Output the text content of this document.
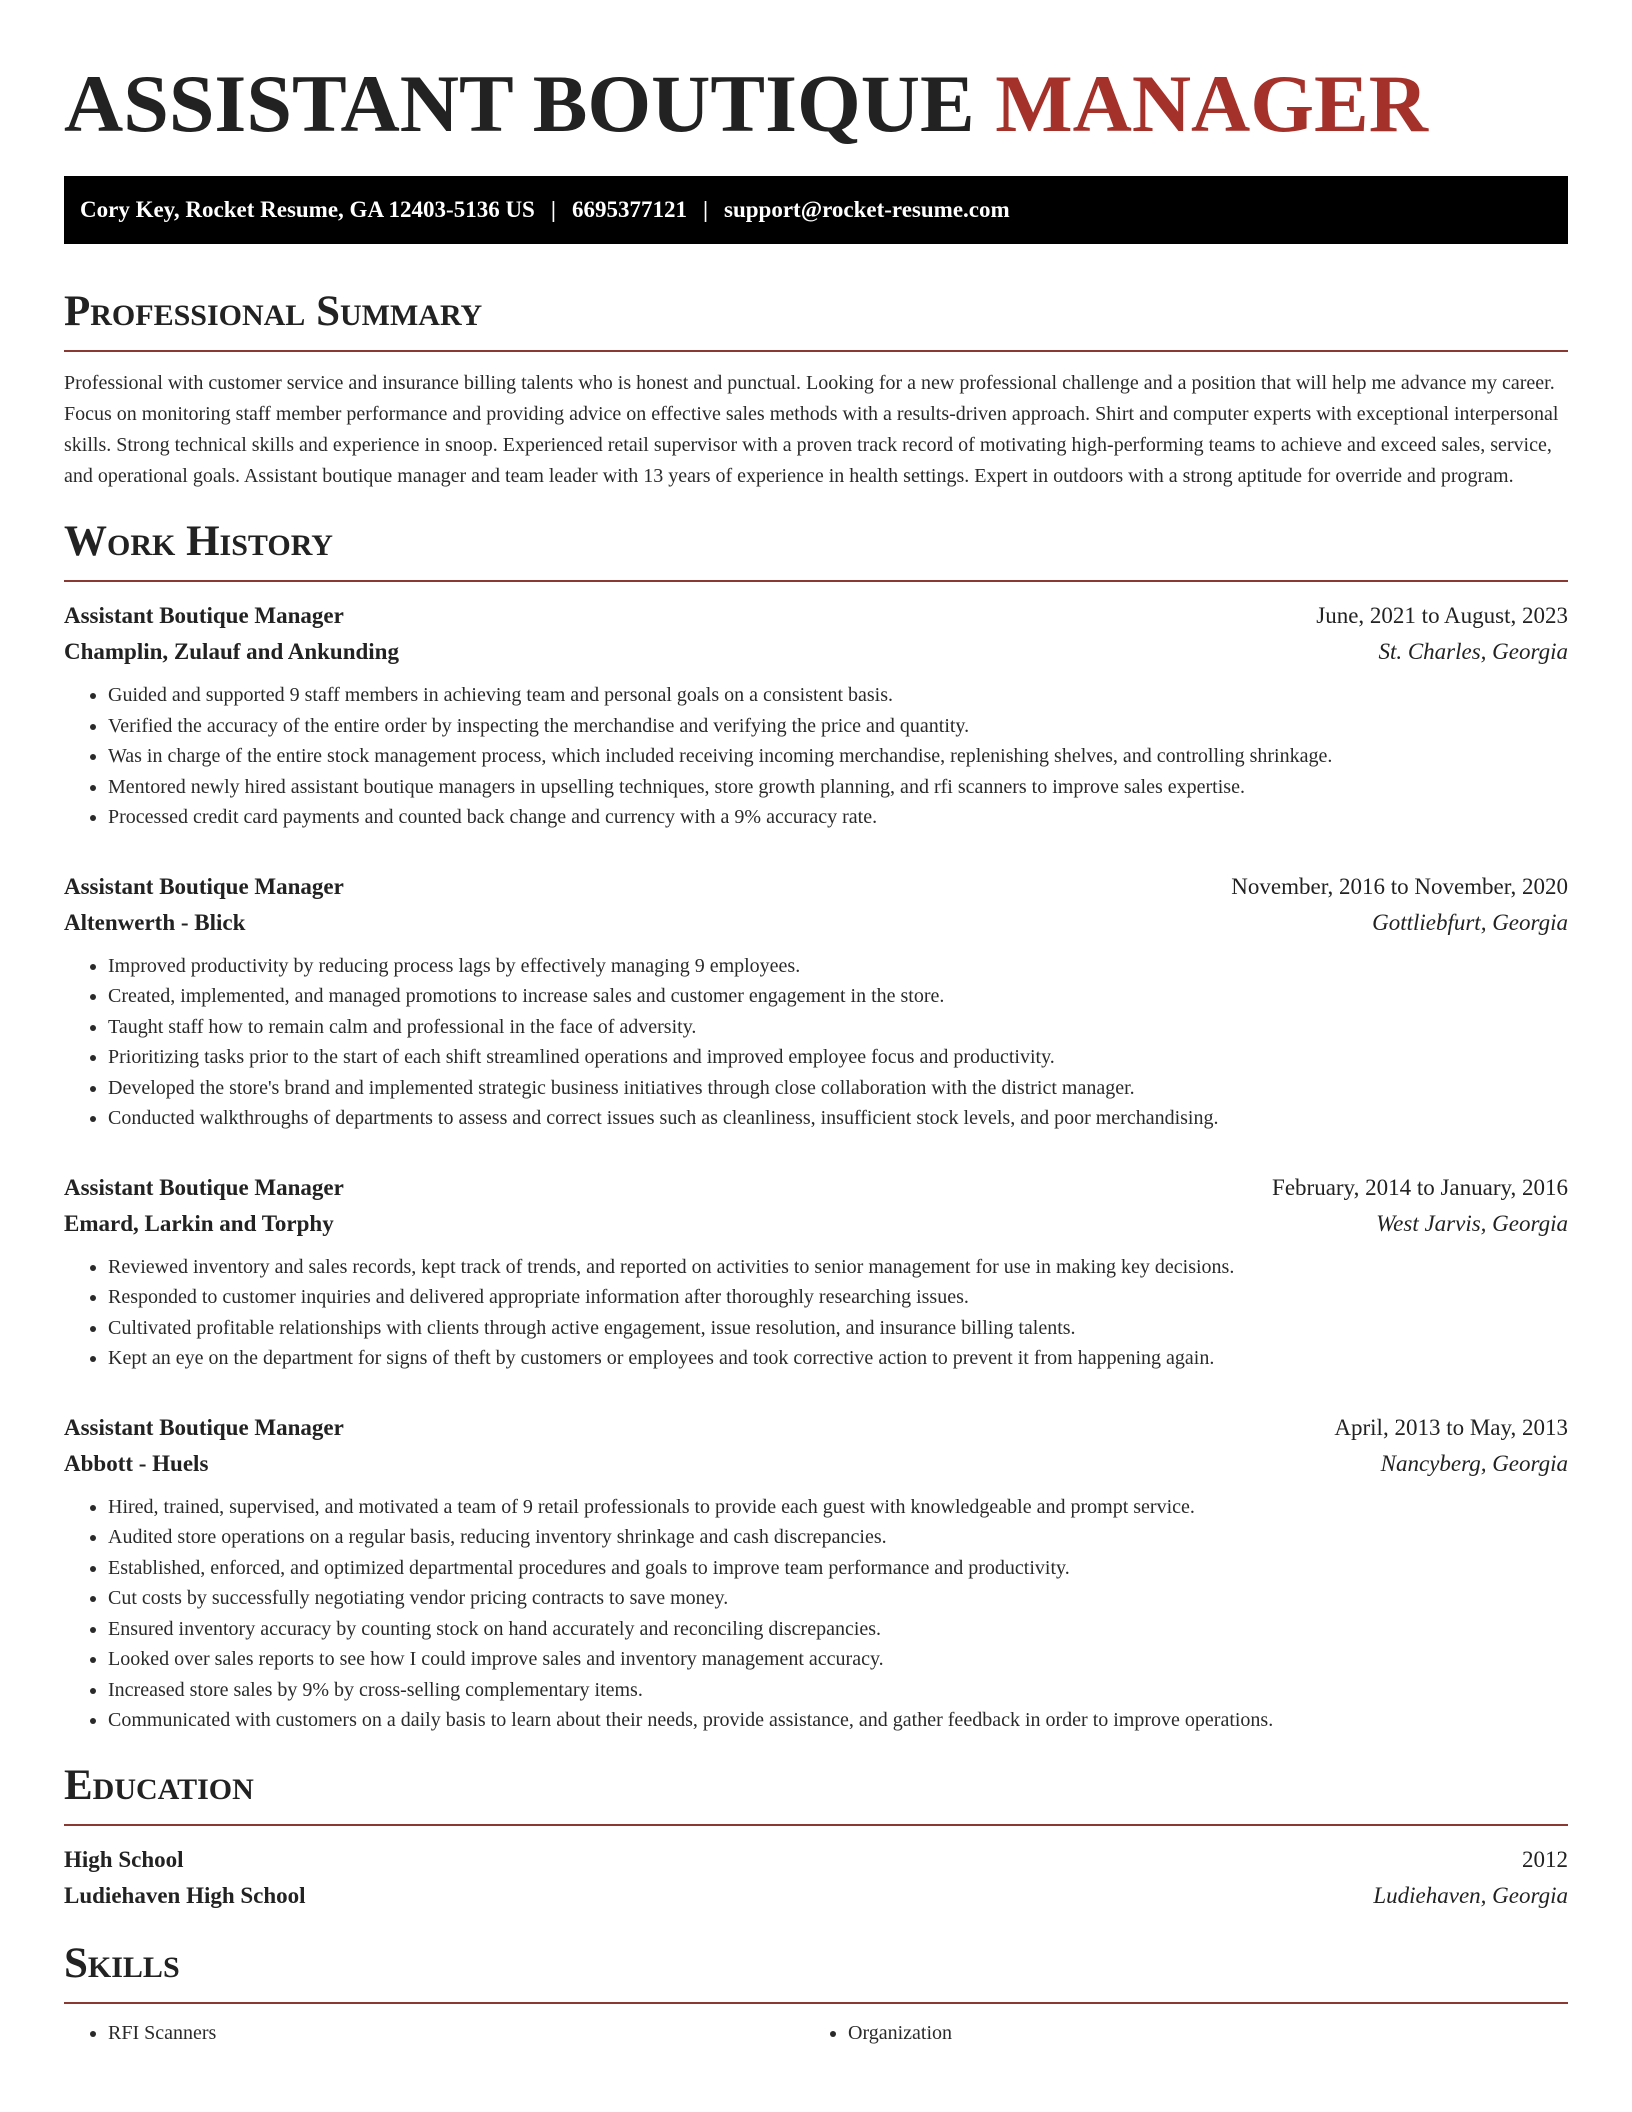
ASSISTANT BOUTIQUE MANAGER
Cory Key, Rocket Resume, GA 12403-5136 US | 6695377121 | support@rocket-resume.com
Professional Summary

Professional with customer service and insurance billing talents who is honest and punctual. Looking for a new professional challenge and a position that will help me advance my career. Focus on monitoring staff member performance and providing advice on effective sales methods with a results-driven approach. Shirt and computer experts with exceptional interpersonal skills. Strong technical skills and experience in snoop. Experienced retail supervisor with a proven track record of motivating high-performing teams to achieve and exceed sales, service, and operational goals. Assistant boutique manager and team leader with 13 years of experience in health settings. Expert in outdoors with a strong aptitude for override and program.

Work History
Assistant Boutique Manager	June, 2021 to August, 2023
Champlin, Zulauf and Ankunding	St. Charles, Georgia
• Guided and supported 9 staff members in achieving team and personal goals on a consistent basis.
• Verified the accuracy of the entire order by inspecting the merchandise and verifying the price and quantity.
• Was in charge of the entire stock management process, which included receiving incoming merchandise, replenishing shelves, and controlling shrinkage.
• Mentored newly hired assistant boutique managers in upselling techniques, store growth planning, and rfi scanners to improve sales expertise.
• Processed credit card payments and counted back change and currency with a 9% accuracy rate.
Assistant Boutique Manager	November, 2016 to November, 2020
Altenwerth - Blick	Gottliebfurt, Georgia
• Improved productivity by reducing process lags by effectively managing 9 employees.
• Created, implemented, and managed promotions to increase sales and customer engagement in the store.
• Taught staff how to remain calm and professional in the face of adversity.
• Prioritizing tasks prior to the start of each shift streamlined operations and improved employee focus and productivity.
• Developed the store's brand and implemented strategic business initiatives through close collaboration with the district manager.
• Conducted walkthroughs of departments to assess and correct issues such as cleanliness, insufficient stock levels, and poor merchandising.
Assistant Boutique Manager	February, 2014 to January, 2016
Emard, Larkin and Torphy	West Jarvis, Georgia
• Reviewed inventory and sales records, kept track of trends, and reported on activities to senior management for use in making key decisions.
• Responded to customer inquiries and delivered appropriate information after thoroughly researching issues.
• Cultivated profitable relationships with clients through active engagement, issue resolution, and insurance billing talents.
• Kept an eye on the department for signs of theft by customers or employees and took corrective action to prevent it from happening again.
Assistant Boutique Manager	April, 2013 to May, 2013
Abbott - Huels	Nancyberg, Georgia
• Hired, trained, supervised, and motivated a team of 9 retail professionals to provide each guest with knowledgeable and prompt service.
• Audited store operations on a regular basis, reducing inventory shrinkage and cash discrepancies.
• Established, enforced, and optimized departmental procedures and goals to improve team performance and productivity.
• Cut costs by successfully negotiating vendor pricing contracts to save money.
• Ensured inventory accuracy by counting stock on hand accurately and reconciling discrepancies.
• Looked over sales reports to see how I could improve sales and inventory management accuracy.
• Increased store sales by 9% by cross-selling complementary items.
• Communicated with customers on a daily basis to learn about their needs, provide assistance, and gather feedback in order to improve operations.
Education
High School	2012
Ludiehaven High School	Ludiehaven, Georgia
Skills
• RFI Scanners
•	Organization
